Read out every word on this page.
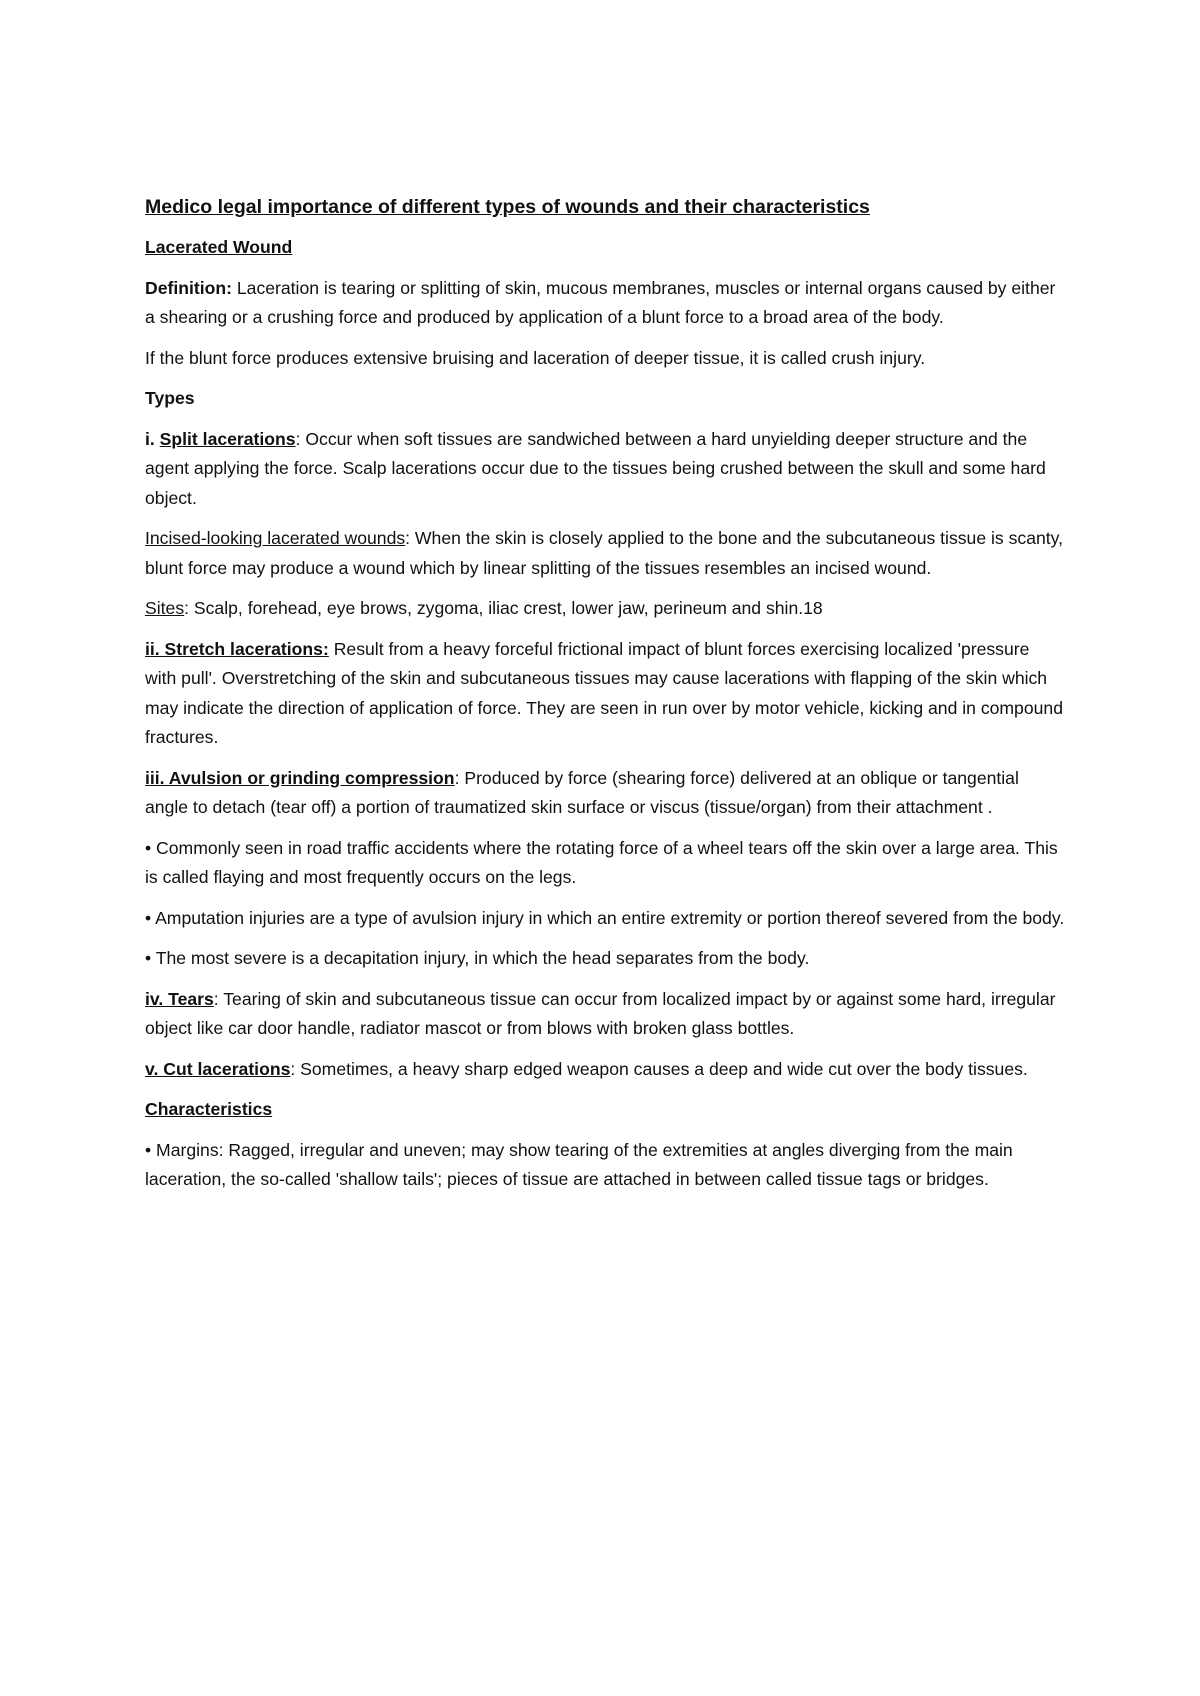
Medico legal importance of different types of wounds and their characteristics
Lacerated Wound

Definition: Laceration is tearing or splitting of skin, mucous membranes, muscles or internal organs caused by either a shearing or a crushing force and produced by application of a blunt force to a broad area of the body.

If the blunt force produces extensive bruising and laceration of deeper tissue, it is called crush injury.

Types

i. Split lacerations: Occur when soft tissues are sandwiched between a hard unyielding deeper structure and the agent applying the force. Scalp lacerations occur due to the tissues being crushed between the skull and some hard object.

Incised-looking lacerated wounds: When the skin is closely applied to the bone and the subcutaneous tissue is scanty, blunt force may produce a wound which by linear splitting of the tissues resembles an incised wound.

Sites: Scalp, forehead, eye brows, zygoma, iliac crest, lower jaw, perineum and shin.18

ii. Stretch lacerations: Result from a heavy forceful frictional impact of blunt forces exercising localized 'pressure with pull'. Overstretching of the skin and subcutaneous tissues may cause lacerations with flapping of the skin which may indicate the direction of application of force. They are seen in run over by motor vehicle, kicking and in compound fractures.

iii. Avulsion or grinding compression: Produced by force (shearing force) delivered at an oblique or tangential angle to detach (tear off) a portion of traumatized skin surface or viscus (tissue/organ) from their attachment .

• Commonly seen in road traffic accidents where the rotating force of a wheel tears off the skin over a large area. This is called flaying and most frequently occurs on the legs.

• Amputation injuries are a type of avulsion injury in which an entire extremity or portion thereof severed from the body.

• The most severe is a decapitation injury, in which the head separates from the body.

iv. Tears: Tearing of skin and subcutaneous tissue can occur from localized impact by or against some hard, irregular object like car door handle, radiator mascot or from blows with broken glass bottles.

v. Cut lacerations: Sometimes, a heavy sharp edged weapon causes a deep and wide cut over the body tissues.

Characteristics

• Margins: Ragged, irregular and uneven; may show tearing of the extremities at angles diverging from the main laceration, the so-called 'shallow tails'; pieces of tissue are attached in between called tissue tags or bridges.
